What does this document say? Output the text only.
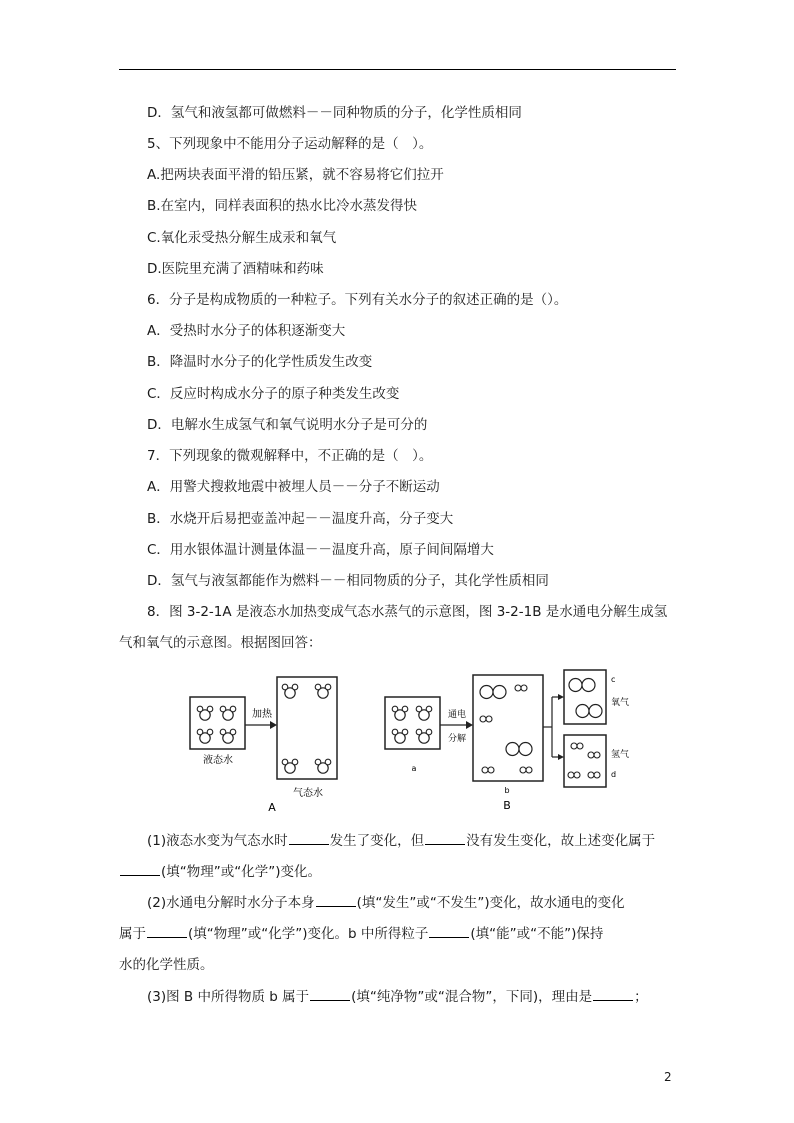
D．氢气和液氢都可做燃料－－同种物质的分子，化学性质相同
5、下列现象中不能用分子运动解释的是（　）。
A.把两块表面平滑的铅压紧，就不容易将它们拉开
B.在室内，同样表面积的热水比冷水蒸发得快
C.氧化汞受热分解生成汞和氧气
D.医院里充满了酒精味和药味
6．分子是构成物质的一种粒子。下列有关水分子的叙述正确的是（）。
A．受热时水分子的体积逐渐变大
B．降温时水分子的化学性质发生改变
C．反应时构成水分子的原子种类发生改变
D．电解水生成氢气和氧气说明水分子是可分的
7．下列现象的微观解释中，不正确的是（　）。
A．用警犬搜救地震中被埋人员－－分子不断运动
B．水烧开后易把壶盖冲起－－温度升高，分子变大
C．用水银体温计测量体温－－温度升高，原子间间隔增大
D．氢气与液氢都能作为燃料－－相同物质的分子，其化学性质相同
8．图 3-2-1A 是液态水加热变成气态水蒸气的示意图，图 3-2-1B 是水通电分解生成氢
气和氧气的示意图。根据图回答：
液态水
加热
气态水
A
a
通电
分解
b
B
c
氧气
氢气
d
(1)液态水变为气态水时	发生了变化，但	没有发生变化，故上述变化属于
(填“物理”或“化学”)变化。
(2)水通电分解时水分子本身	(填“发生”或“不发生”)变化，故水通电的变化
属于	(填“物理”或“化学”)变化。b 中所得粒子	(填“能”或“不能”)保持
水的化学性质。
(3)图 B 中所得物质 b 属于	(填“纯净物”或“混合物”，下同)，理由是	；
2
